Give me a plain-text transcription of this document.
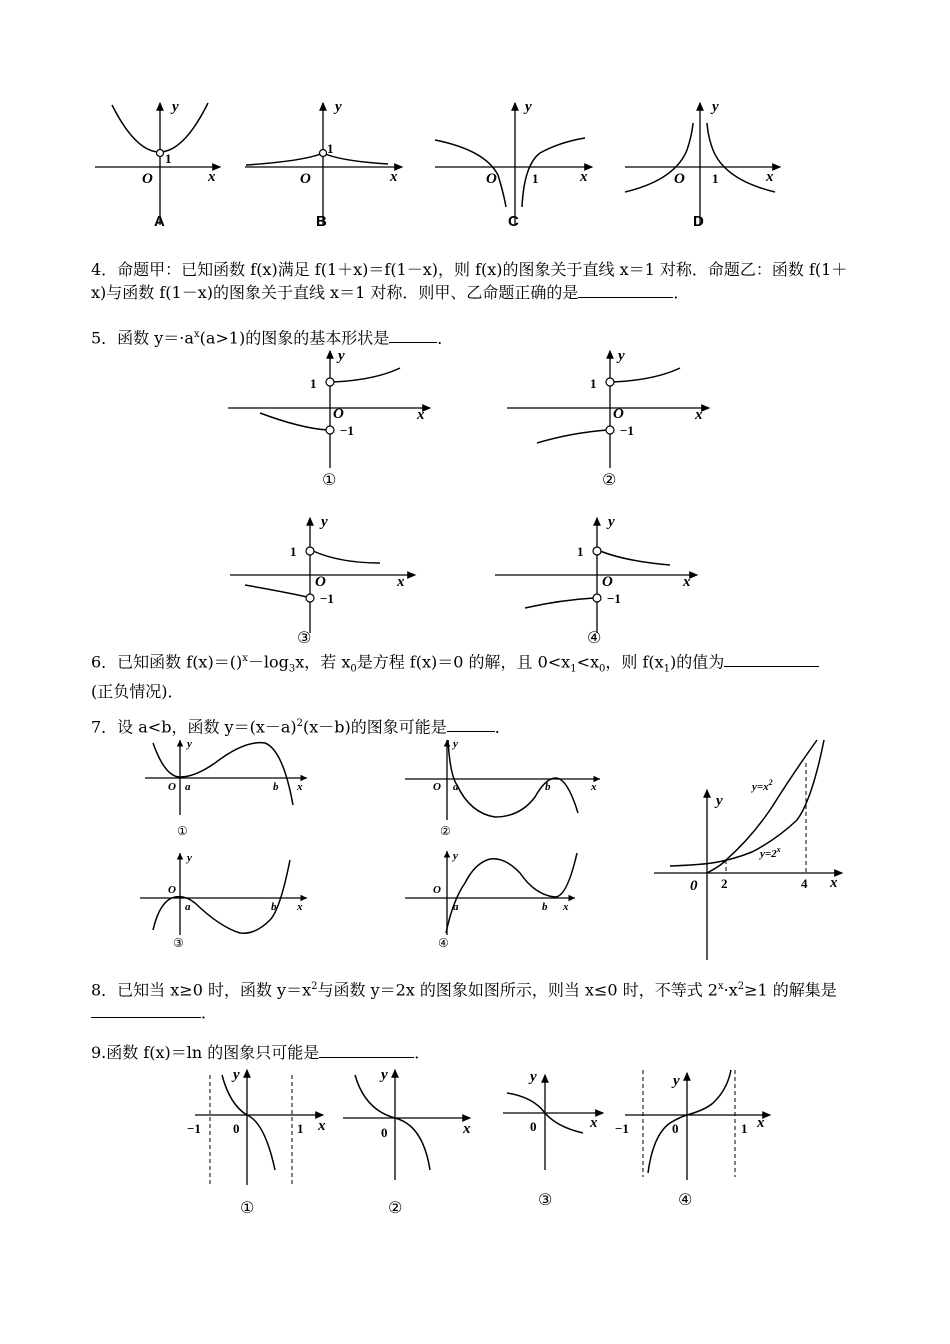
y
x
O
1
A
y
x
O
1
B
y
x
O	1
C
y
x
O 1
D
4．命题甲：已知函数 f(x)满足 f(1＋x)＝f(1－x)，则 f(x)的图象关于直线 x＝1 对称．命题乙：函数 f(1＋x)与函数 f(1－x)的图象关于直线 x＝1 对称．则甲、乙命题正确的是	．
5．函数 $y=\cdot a^x(a>1)$的图象的基本形状是	．
y
x
O
1
−1
①
y
x
O
1
−1
②
y
x
O
1
−1
③
y
x
O
1
−1
④
6．已知函数 $f(x)=()^x-\log_3x$，若 $x_0$是方程 f(x)＝0 的解，且 $0<x_1<x_0$，则 $f(x_1)$的值为
(正负情况)．
7．设 a<b，函数 $y=(x-a)^2(x-b)$的图象可能是	．
y
x
O a	b
①
y
x
O a	b
②
y
x
O
a	b
③
y
x
O
a	b
④
y
x
0 2	4
$y=x^2$
$y=2^x$
8．已知当 x≥0 时，函数 $y=x^2$与函数 y＝2x 的图象如图所示，则当 x≤0 时，不等式 $2^x\cdot x^2\ge 1$ 的解集是．
9.函数 f(x)＝ln 的图象只可能是	．
y
x
0
−1	1
①
y
x
0
②
y
x
0
③
y
x
0
−1	1
④
